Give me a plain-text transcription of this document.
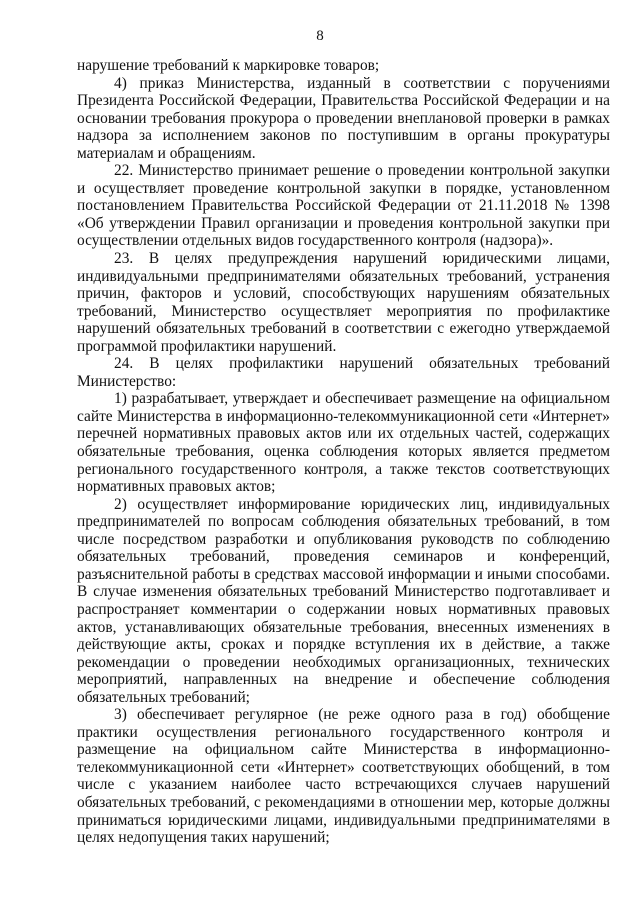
8

нарушение требований к маркировке товаров;

4) приказ Министерства, изданный в соответствии с поручениями Президента Российской Федерации, Правительства Российской Федерации и на основании требования прокурора о проведении внеплановой проверки в рамках надзора за исполнением законов по поступившим в органы прокуратуры материалам и обращениям.

22. Министерство принимает решение о проведении контрольной закупки и осуществляет проведение контрольной закупки в порядке, установленном постановлением Правительства Российской Федерации от 21.11.2018 № 1398 «Об утверждении Правил организации и проведения контрольной закупки при осуществлении отдельных видов государственного контроля (надзора)».

23. В целях предупреждения нарушений юридическими лицами, индивидуальными предпринимателями обязательных требований, устранения причин, факторов и условий, способствующих нарушениям обязательных требований, Министерство осуществляет мероприятия по профилактике нарушений обязательных требований в соответствии с ежегодно утверждаемой программой профилактики нарушений.

24. В целях профилактики нарушений обязательных требований Министерство:

1) разрабатывает, утверждает и обеспечивает размещение на официальном сайте Министерства в информационно-телекоммуникационной сети «Интернет» перечней нормативных правовых актов или их отдельных частей, содержащих обязательные требования, оценка соблюдения которых является предметом регионального государственного контроля, а также текстов соответствующих нормативных правовых актов;

2) осуществляет информирование юридических лиц, индивидуальных предпринимателей по вопросам соблюдения обязательных требований, в том числе посредством разработки и опубликования руководств по соблюдению обязательных требований, проведения семинаров и конференций, разъяснительной работы в средствах массовой информации и иными способами. В случае изменения обязательных требований Министерство подготавливает и распространяет комментарии о содержании новых нормативных правовых актов, устанавливающих обязательные требования, внесенных изменениях в действующие акты, сроках и порядке вступления их в действие, а также рекомендации о проведении необходимых организационных, технических мероприятий, направленных на внедрение и обеспечение соблюдения обязательных требований;

3) обеспечивает регулярное (не реже одного раза в год) обобщение практики осуществления регионального государственного контроля и размещение на официальном сайте Министерства в информационно-телекоммуникационной сети «Интернет» соответствующих обобщений, в том числе с указанием наиболее часто встречающихся случаев нарушений обязательных требований, с рекомендациями в отношении мер, которые должны приниматься юридическими лицами, индивидуальными предпринимателями в целях недопущения таких нарушений;
